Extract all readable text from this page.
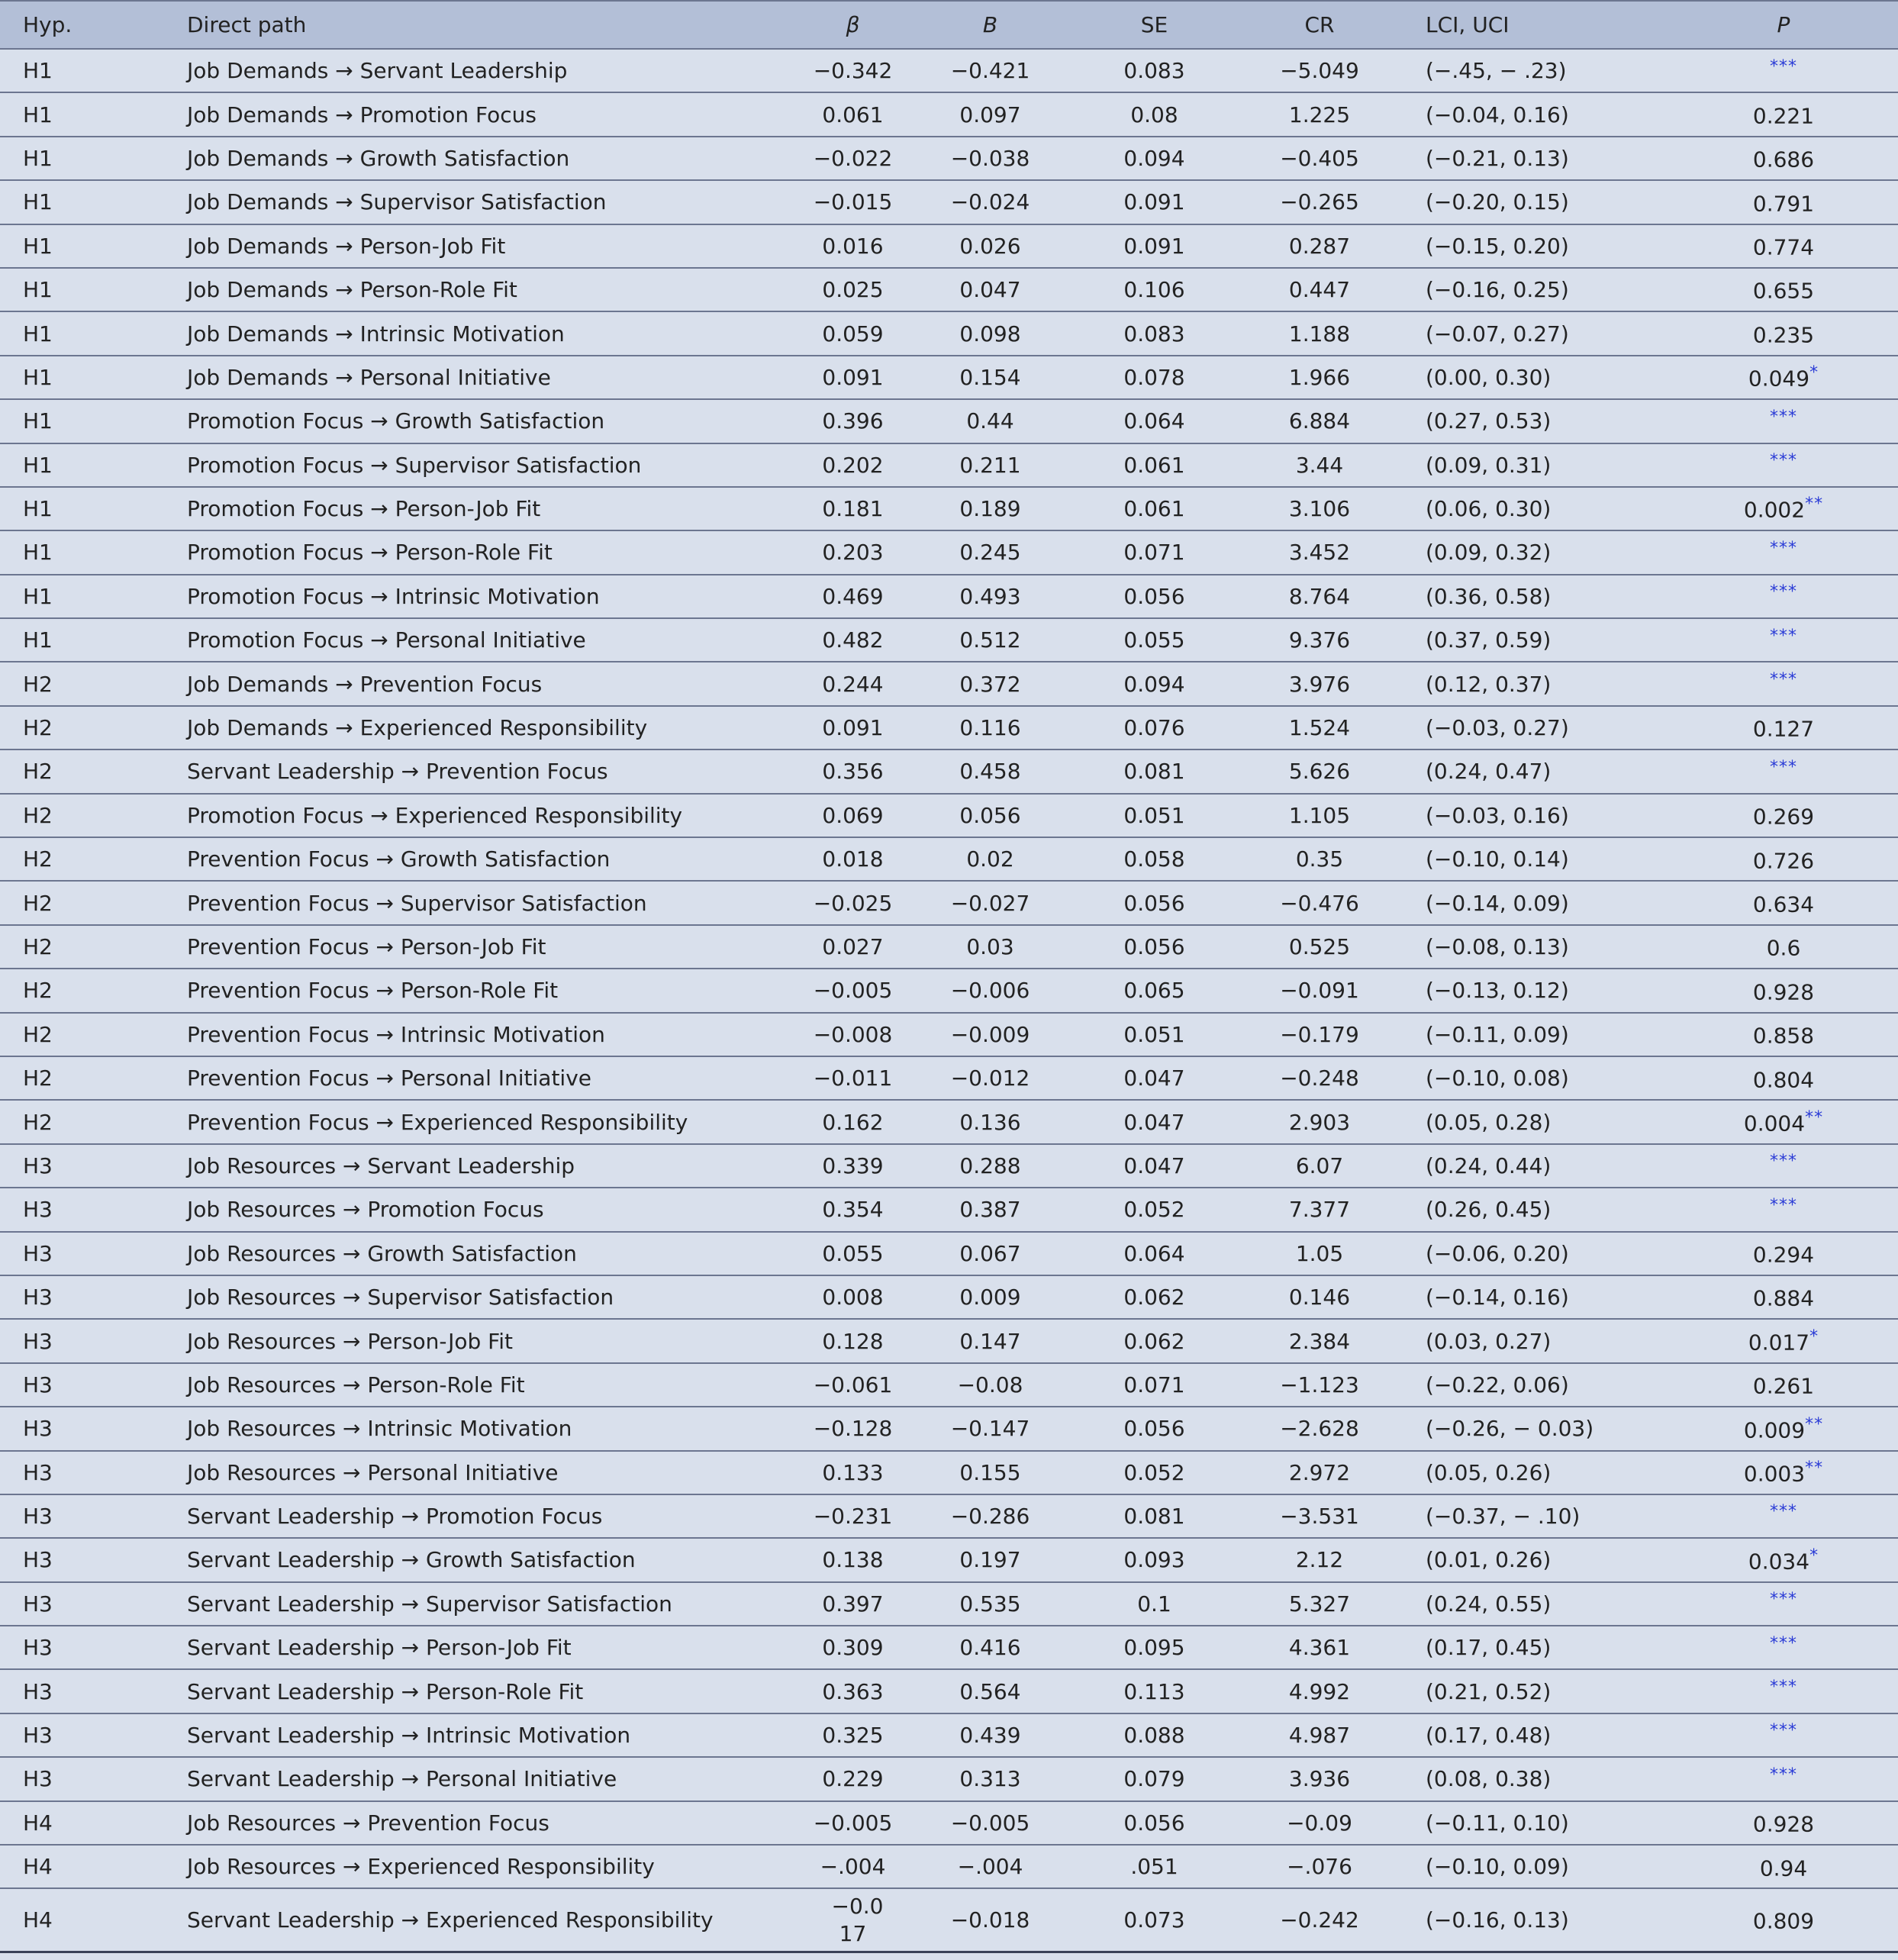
Hyp.	Direct path	β	B	SE	CR	LCI, UCI	P
H1	Job Demands → Servant Leadership	−0.342	−0.421	0.083	−5.049	(−.45, − .23)	***
H1	Job Demands → Promotion Focus	0.061	0.097	0.08	1.225	(−0.04, 0.16)	0.221
H1	Job Demands → Growth Satisfaction	−0.022	−0.038	0.094	−0.405	(−0.21, 0.13)	0.686
H1	Job Demands → Supervisor Satisfaction	−0.015	−0.024	0.091	−0.265	(−0.20, 0.15)	0.791
H1	Job Demands → Person-Job Fit	0.016	0.026	0.091	0.287	(−0.15, 0.20)	0.774
H1	Job Demands → Person-Role Fit	0.025	0.047	0.106	0.447	(−0.16, 0.25)	0.655
H1	Job Demands → Intrinsic Motivation	0.059	0.098	0.083	1.188	(−0.07, 0.27)	0.235
H1	Job Demands → Personal Initiative	0.091	0.154	0.078	1.966	(0.00, 0.30)	0.049*
H1	Promotion Focus → Growth Satisfaction	0.396	0.44	0.064	6.884	(0.27, 0.53)	***
H1	Promotion Focus → Supervisor Satisfaction	0.202	0.211	0.061	3.44	(0.09, 0.31)	***
H1	Promotion Focus → Person-Job Fit	0.181	0.189	0.061	3.106	(0.06, 0.30)	0.002**
H1	Promotion Focus → Person-Role Fit	0.203	0.245	0.071	3.452	(0.09, 0.32)	***
H1	Promotion Focus → Intrinsic Motivation	0.469	0.493	0.056	8.764	(0.36, 0.58)	***
H1	Promotion Focus → Personal Initiative	0.482	0.512	0.055	9.376	(0.37, 0.59)	***
H2	Job Demands → Prevention Focus	0.244	0.372	0.094	3.976	(0.12, 0.37)	***
H2	Job Demands → Experienced Responsibility	0.091	0.116	0.076	1.524	(−0.03, 0.27)	0.127
H2	Servant Leadership → Prevention Focus	0.356	0.458	0.081	5.626	(0.24, 0.47)	***
H2	Promotion Focus → Experienced Responsibility	0.069	0.056	0.051	1.105	(−0.03, 0.16)	0.269
H2	Prevention Focus → Growth Satisfaction	0.018	0.02	0.058	0.35	(−0.10, 0.14)	0.726
H2	Prevention Focus → Supervisor Satisfaction	−0.025	−0.027	0.056	−0.476	(−0.14, 0.09)	0.634
H2	Prevention Focus → Person-Job Fit	0.027	0.03	0.056	0.525	(−0.08, 0.13)	0.6
H2	Prevention Focus → Person-Role Fit	−0.005	−0.006	0.065	−0.091	(−0.13, 0.12)	0.928
H2	Prevention Focus → Intrinsic Motivation	−0.008	−0.009	0.051	−0.179	(−0.11, 0.09)	0.858
H2	Prevention Focus → Personal Initiative	−0.011	−0.012	0.047	−0.248	(−0.10, 0.08)	0.804
H2	Prevention Focus → Experienced Responsibility	0.162	0.136	0.047	2.903	(0.05, 0.28)	0.004**
H3	Job Resources → Servant Leadership	0.339	0.288	0.047	6.07	(0.24, 0.44)	***
H3	Job Resources → Promotion Focus	0.354	0.387	0.052	7.377	(0.26, 0.45)	***
H3	Job Resources → Growth Satisfaction	0.055	0.067	0.064	1.05	(−0.06, 0.20)	0.294
H3	Job Resources → Supervisor Satisfaction	0.008	0.009	0.062	0.146	(−0.14, 0.16)	0.884
H3	Job Resources → Person-Job Fit	0.128	0.147	0.062	2.384	(0.03, 0.27)	0.017*
H3	Job Resources → Person-Role Fit	−0.061	−0.08	0.071	−1.123	(−0.22, 0.06)	0.261
H3	Job Resources → Intrinsic Motivation	−0.128	−0.147	0.056	−2.628	(−0.26, − 0.03)	0.009**
H3	Job Resources → Personal Initiative	0.133	0.155	0.052	2.972	(0.05, 0.26)	0.003**
H3	Servant Leadership → Promotion Focus	−0.231	−0.286	0.081	−3.531	(−0.37, − .10)	***
H3	Servant Leadership → Growth Satisfaction	0.138	0.197	0.093	2.12	(0.01, 0.26)	0.034*
H3	Servant Leadership → Supervisor Satisfaction	0.397	0.535	0.1	5.327	(0.24, 0.55)	***
H3	Servant Leadership → Person-Job Fit	0.309	0.416	0.095	4.361	(0.17, 0.45)	***
H3	Servant Leadership → Person-Role Fit	0.363	0.564	0.113	4.992	(0.21, 0.52)	***
H3	Servant Leadership → Intrinsic Motivation	0.325	0.439	0.088	4.987	(0.17, 0.48)	***
H3	Servant Leadership → Personal Initiative	0.229	0.313	0.079	3.936	(0.08, 0.38)	***
H4	Job Resources → Prevention Focus	−0.005	−0.005	0.056	−0.09	(−0.11, 0.10)	0.928
H4	Job Resources → Experienced Responsibility	−.004	−.004	.051	−.076	(−0.10, 0.09)	0.94
H4	Servant Leadership → Experienced Responsibility	−0.0 17	−0.018	0.073	−0.242	(−0.16, 0.13)	0.809
